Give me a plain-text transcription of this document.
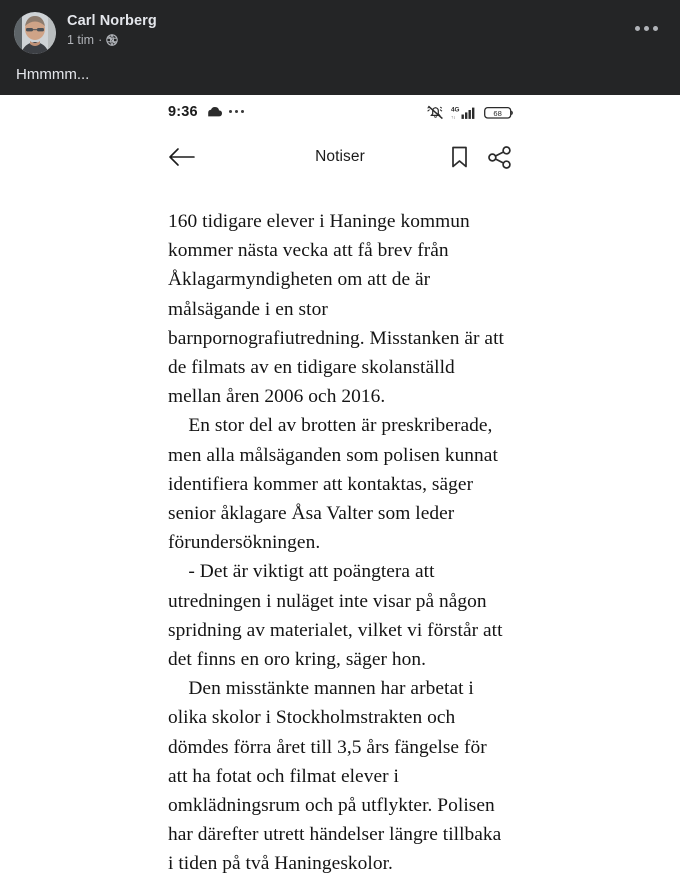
Carl Norberg
1 tim ·
Hmmmm...
9:36	4G
↑↓	68
Notiser

160 tidigare elever i Haninge kommun kommer nästa vecka att få brev från Åklagarmyndigheten om att de är målsägande i en stor barnpornografiutredning. Misstanken är att de filmats av en tidigare skolanställd mellan åren 2006 och 2016.

En stor del av brotten är preskriberade, men alla målsäganden som polisen kunnat identifiera kommer att kontaktas, säger senior åklagare Åsa Valter som leder förundersökningen.

- Det är viktigt att poängtera att utredningen i nuläget inte visar på någon spridning av materialet, vilket vi förstår att det finns en oro kring, säger hon.

Den misstänkte mannen har arbetat i olika skolor i Stockholmstrakten och dömdes förra året till 3,5 års fängelse för att ha fotat och filmat elever i omklädningsrum och på utflykter. Polisen har därefter utrett händelser längre tillbaka i tiden på två Haningeskolor.
